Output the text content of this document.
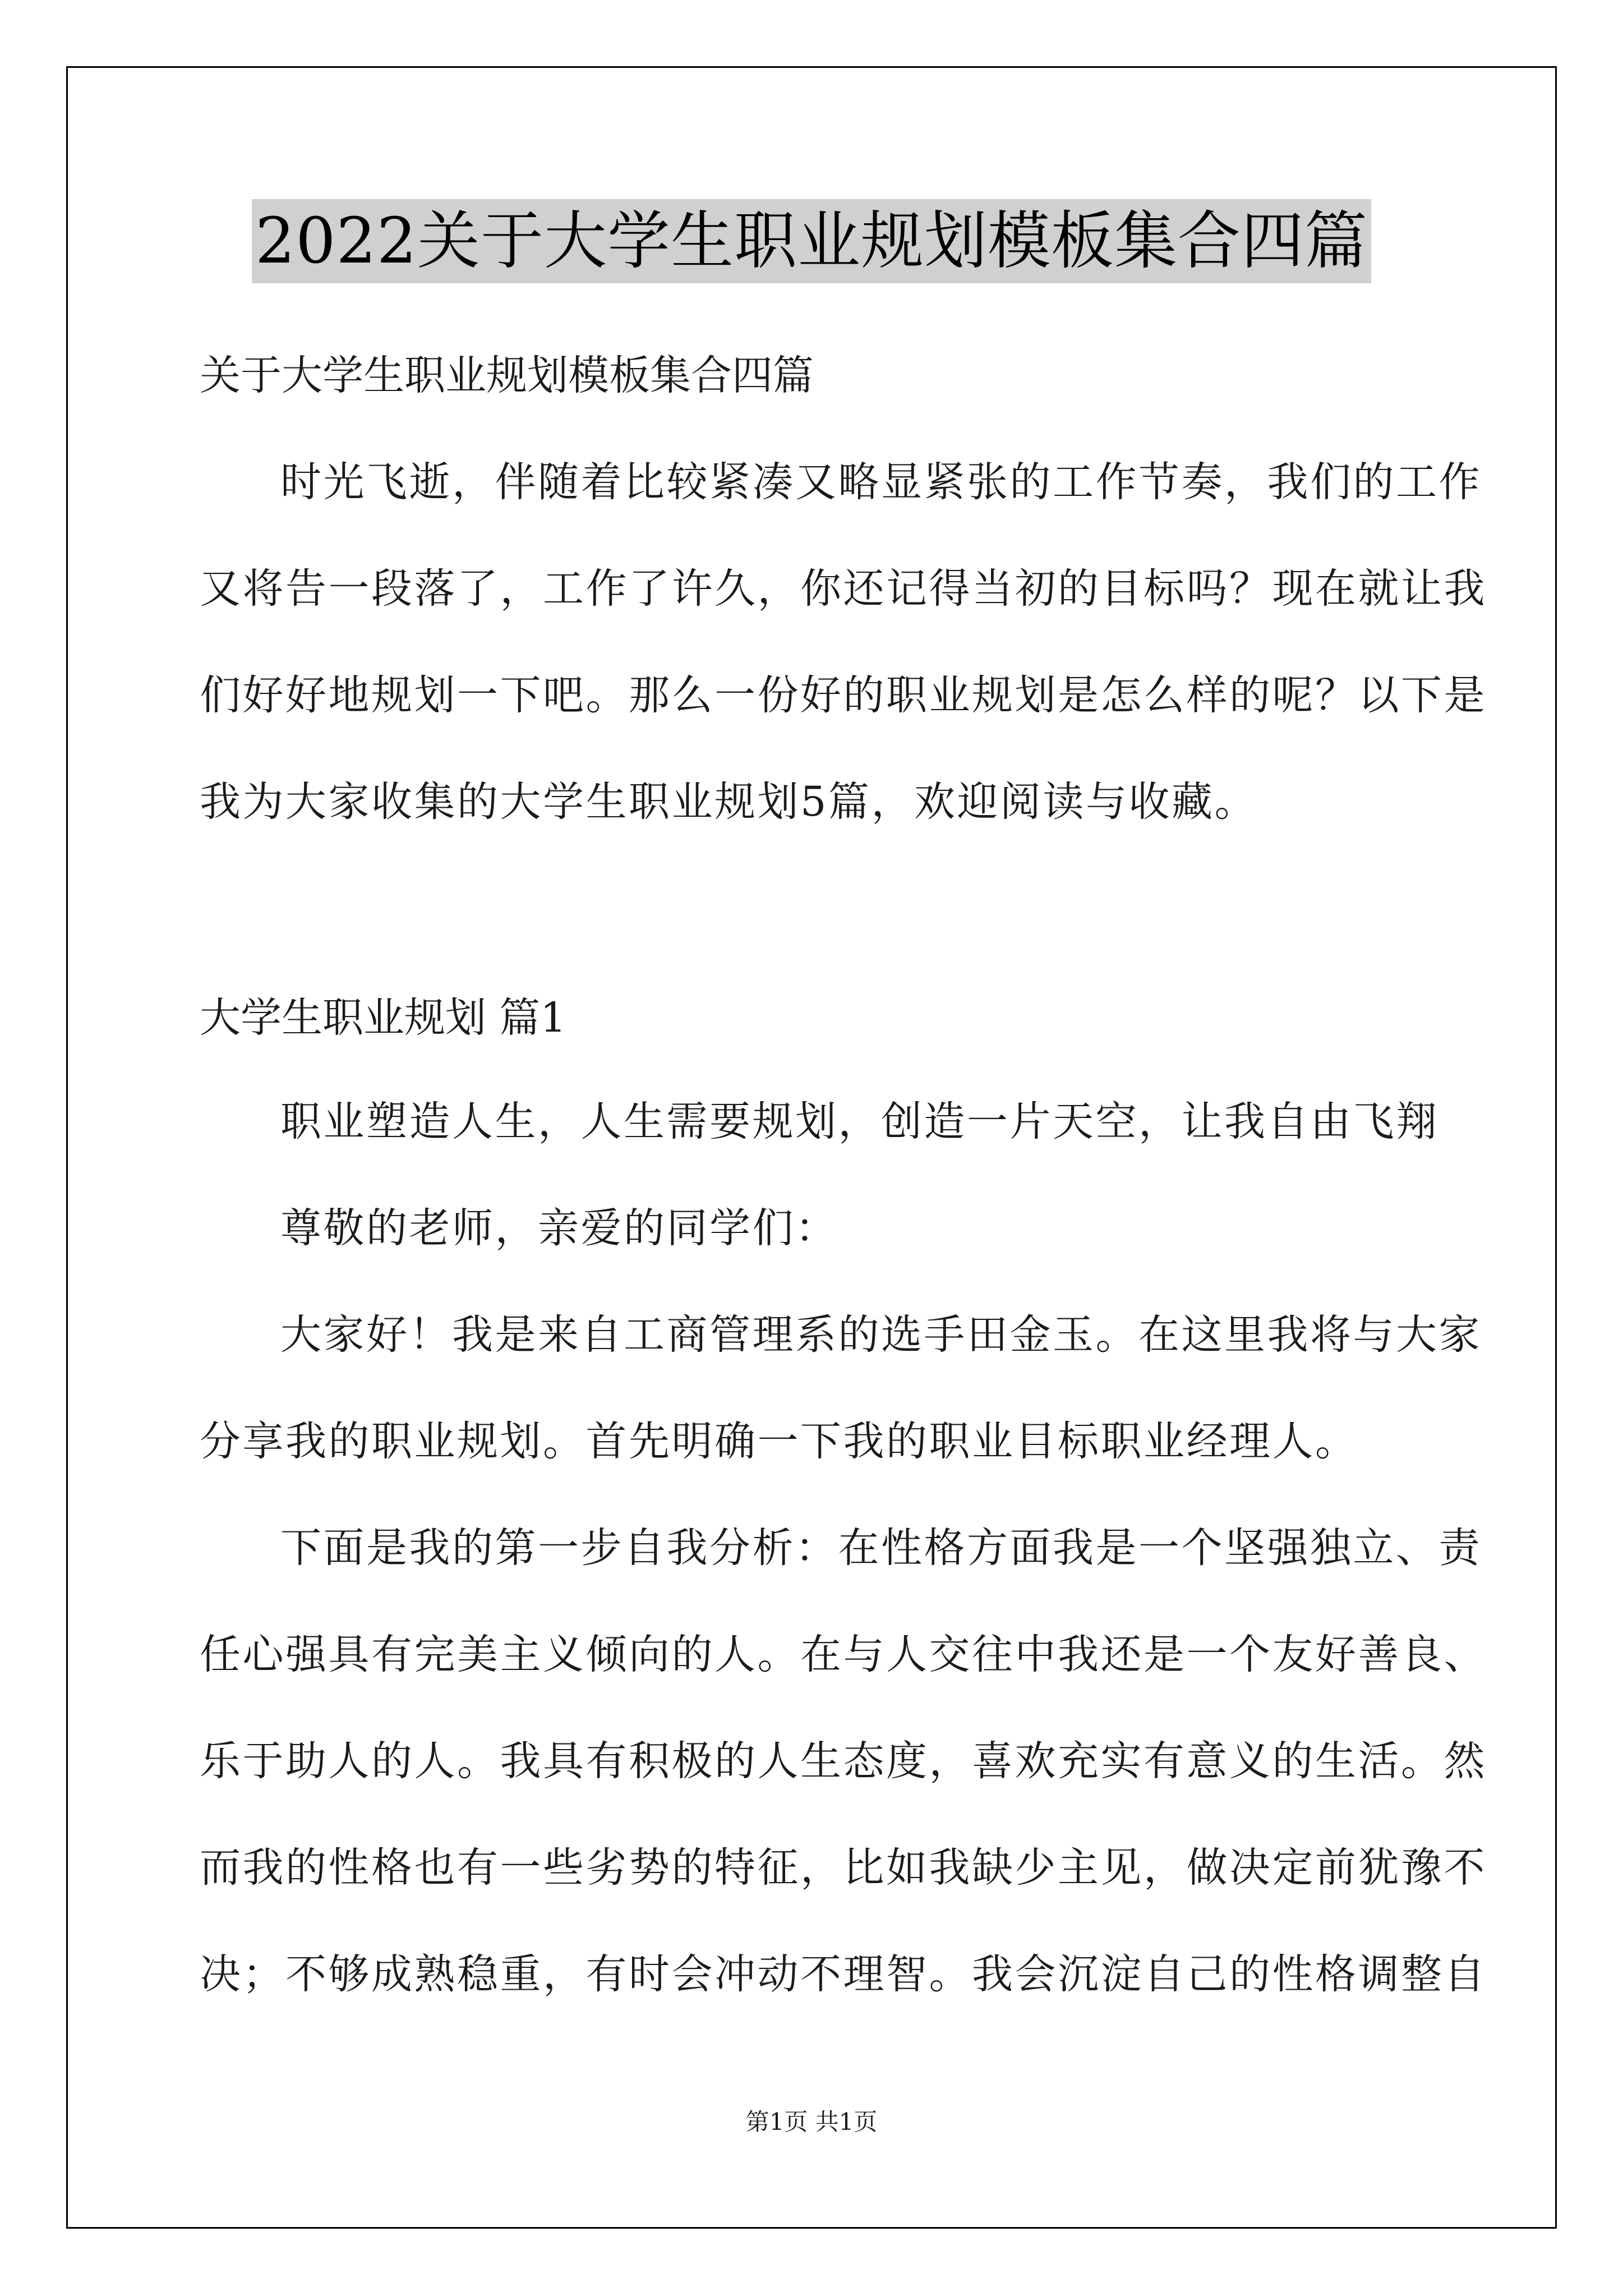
2022关于大学生职业规划模板集合四篇
关于大学生职业规划模板集合四篇
时光飞逝，伴随着比较紧凑又略显紧张的工作节奏，我们的工作
又将告一段落了，工作了许久，你还记得当初的目标吗？现在就让我
们好好地规划一下吧。那么一份好的职业规划是怎么样的呢？以下是
我为大家收集的大学生职业规划5篇，欢迎阅读与收藏。
大学生职业规划 篇1
职业塑造人生，人生需要规划，创造一片天空，让我自由飞翔
尊敬的老师，亲爱的同学们：
大家好！我是来自工商管理系的选手田金玉。在这里我将与大家
分享我的职业规划。首先明确一下我的职业目标职业经理人。
下面是我的第一步自我分析：在性格方面我是一个坚强独立、责
任心强具有完美主义倾向的人。在与人交往中我还是一个友好善良、
乐于助人的人。我具有积极的人生态度，喜欢充实有意义的生活。然
而我的性格也有一些劣势的特征，比如我缺少主见，做决定前犹豫不
决；不够成熟稳重，有时会冲动不理智。我会沉淀自己的性格调整自
第1页 共1页
